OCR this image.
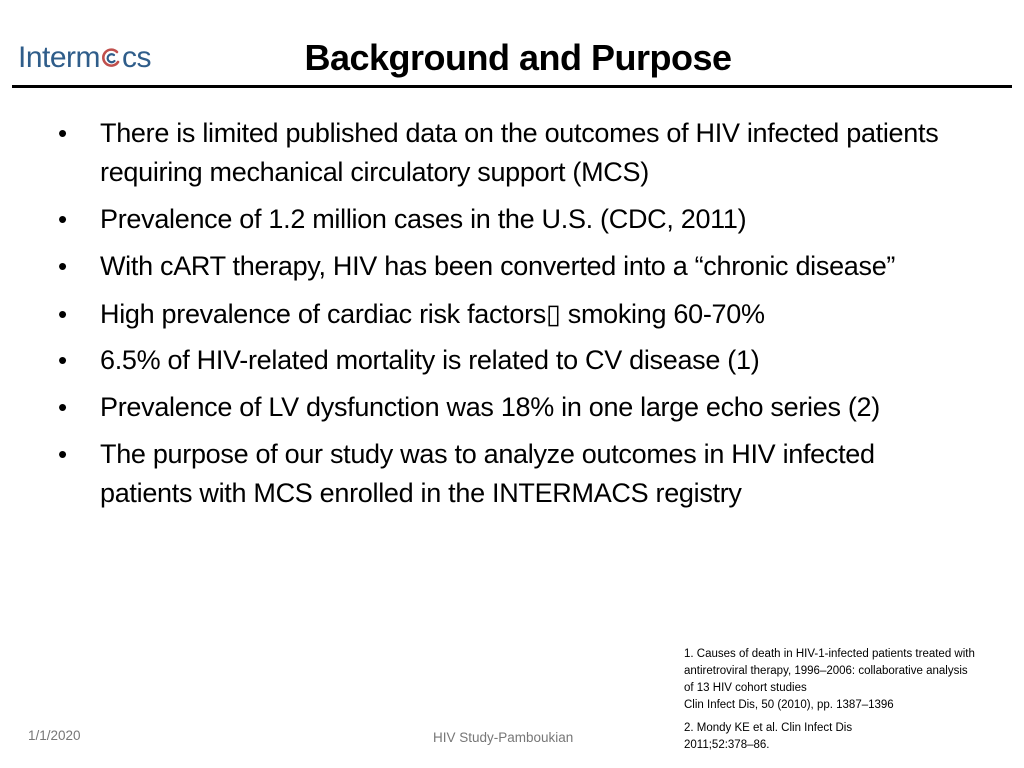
Interm cs	Background and Purpose
• There is limited published data on the outcomes of HIV infected patients requiring mechanical circulatory support (MCS)
• Prevalence of 1.2 million cases in the U.S. (CDC, 2011)
• With cART therapy, HIV has been converted into a “chronic disease”
• High prevalence of cardiac risk factors▯ smoking 60-70%
• 6.5% of HIV-related mortality is related to CV disease (1)
• Prevalence of LV dysfunction was 18% in one large echo series (2)
• The purpose of our study was to analyze outcomes in HIV infected patients with MCS enrolled in the INTERMACS registry
1. Causes of death in HIV-1-infected patients treated with
antiretroviral therapy, 1996–2006: collaborative analysis
of 13 HIV cohort studies
Clin Infect Dis, 50 (2010), pp. 1387–1396
2. Mondy KE et al. Clin Infect Dis
2011;52:378–86.
1/1/2020	HIV Study-Pamboukian
